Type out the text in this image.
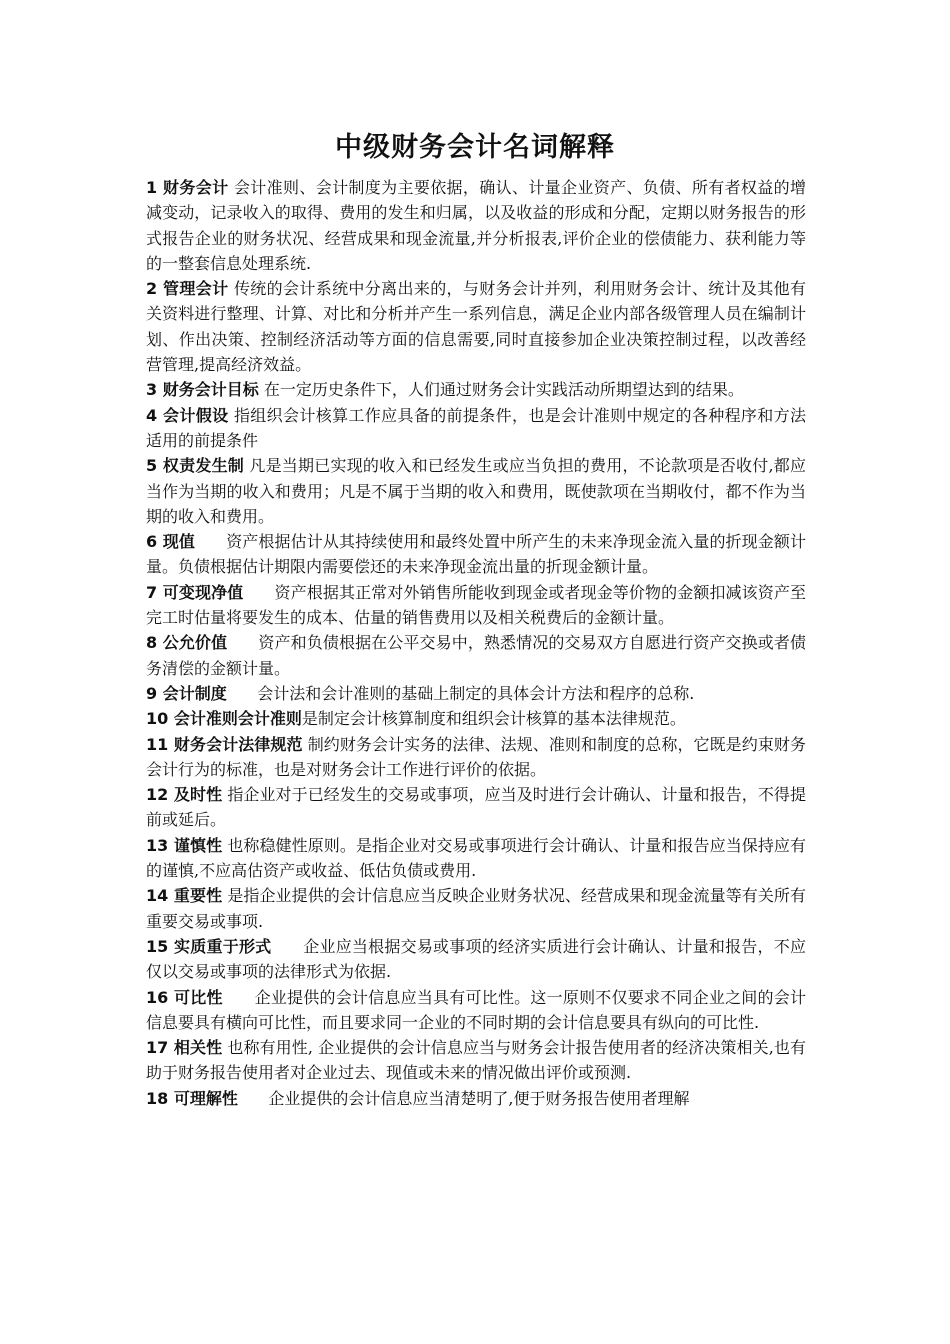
中级财务会计名词解释

1 财务会计 会计准则、会计制度为主要依据，确认、计量企业资产、负债、所有者权益的增减变动，记录收入的取得、费用的发生和归属，以及收益的形成和分配，定期以财务报告的形式报告企业的财务状况、经营成果和现金流量,并分析报表,评价企业的偿债能力、获利能力等的一整套信息处理系统.

2 管理会计 传统的会计系统中分离出来的，与财务会计并列，利用财务会计、统计及其他有关资料进行整理、计算、对比和分析并产生一系列信息，满足企业内部各级管理人员在编制计划、作出决策、控制经济活动等方面的信息需要,同时直接参加企业决策控制过程，以改善经营管理,提高经济效益。

3 财务会计目标 在一定历史条件下，人们通过财务会计实践活动所期望达到的结果。

4 会计假设 指组织会计核算工作应具备的前提条件，也是会计准则中规定的各种程序和方法适用的前提条件

5 权责发生制 凡是当期已实现的收入和已经发生或应当负担的费用，不论款项是否收付,都应当作为当期的收入和费用；凡是不属于当期的收入和费用，既使款项在当期收付，都不作为当期的收入和费用。

6 现值 资产根据估计从其持续使用和最终处置中所产生的未来净现金流入量的折现金额计量。负债根据估计期限内需要偿还的未来净现金流出量的折现金额计量。

7 可变现净值 资产根据其正常对外销售所能收到现金或者现金等价物的金额扣减该资产至完工时估量将要发生的成本、估量的销售费用以及相关税费后的金额计量。

8 公允价值 资产和负债根据在公平交易中，熟悉情况的交易双方自愿进行资产交换或者债务清偿的金额计量。

9 会计制度 会计法和会计准则的基础上制定的具体会计方法和程序的总称.

10 会计准则会计准则是制定会计核算制度和组织会计核算的基本法律规范。

11 财务会计法律规范 制约财务会计实务的法律、法规、准则和制度的总称，它既是约束财务会计行为的标准，也是对财务会计工作进行评价的依据。

12 及时性 指企业对于已经发生的交易或事项，应当及时进行会计确认、计量和报告，不得提前或延后。

13 谨慎性 也称稳健性原则。是指企业对交易或事项进行会计确认、计量和报告应当保持应有的谨慎,不应高估资产或收益、低估负债或费用.

14 重要性 是指企业提供的会计信息应当反映企业财务状况、经营成果和现金流量等有关所有重要交易或事项.

15 实质重于形式 企业应当根据交易或事项的经济实质进行会计确认、计量和报告，不应仅以交易或事项的法律形式为依据.

16 可比性 企业提供的会计信息应当具有可比性。这一原则不仅要求不同企业之间的会计信息要具有横向可比性，而且要求同一企业的不同时期的会计信息要具有纵向的可比性.

17 相关性 也称有用性, 企业提供的会计信息应当与财务会计报告使用者的经济决策相关,也有助于财务报告使用者对企业过去、现值或未来的情况做出评价或预测.

18 可理解性 企业提供的会计信息应当清楚明了,便于财务报告使用者理解
